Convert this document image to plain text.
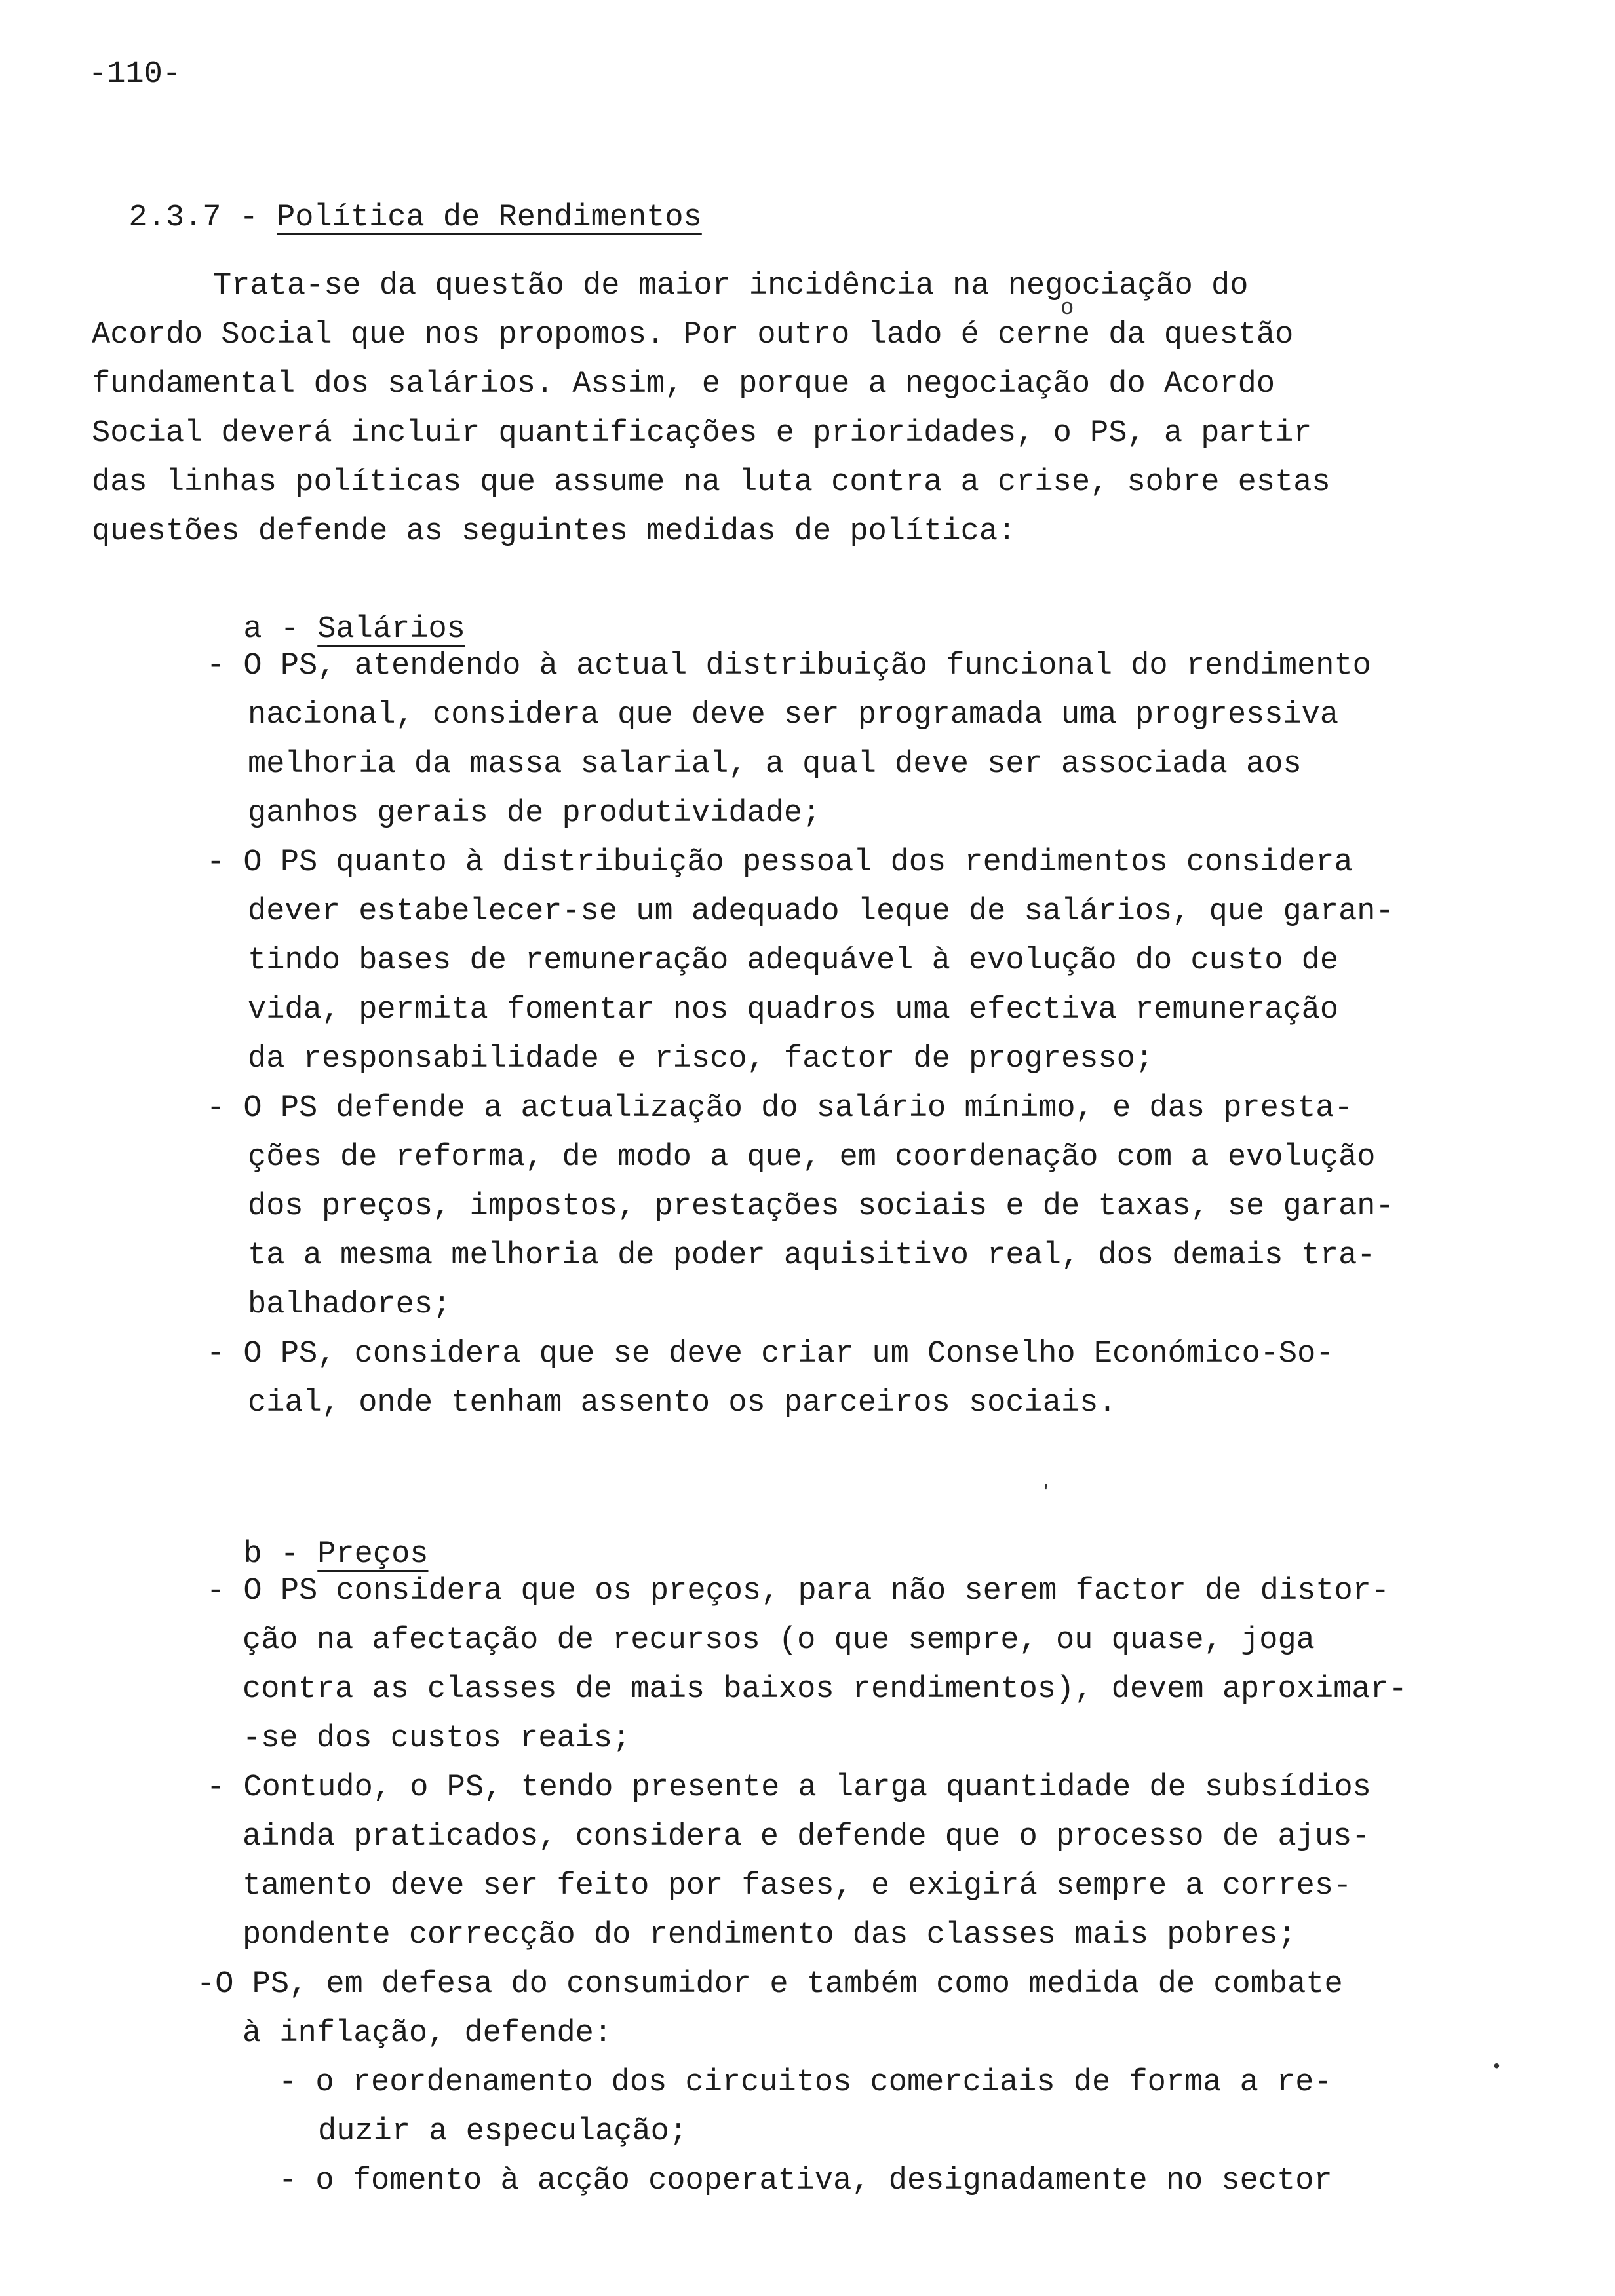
-110-

2.3.7 - Política de Rendimentos

Trata-se da questão de maior incidência na negociação do
Acordo Social que nos propomos. Por outro lado é cerne da questão
fundamental dos salários. Assim, e porque a negociação do Acordo
Social deverá incluir quantificações e prioridades, o PS, a partir
das linhas políticas que assume na luta contra a crise, sobre estas
questões defende as seguintes medidas de política:
o

a - Salários

- O PS, atendendo à actual distribuição funcional do rendimento
nacional, considera que deve ser programada uma progressiva
melhoria da massa salarial, a qual deve ser associada aos
ganhos gerais de produtividade;
- O PS quanto à distribuição pessoal dos rendimentos considera
dever estabelecer-se um adequado leque de salários, que garan-
tindo bases de remuneração adequável à evolução do custo de
vida, permita fomentar nos quadros uma efectiva remuneração
da responsabilidade e risco, factor de progresso;
- O PS defende a actualização do salário mínimo, e das presta-
ções de reforma, de modo a que, em coordenação com a evolução
dos preços, impostos, prestações sociais e de taxas, se garan-
ta a mesma melhoria de poder aquisitivo real, dos demais tra-
balhadores;
- O PS, considera que se deve criar um Conselho Económico-So-
cial, onde tenham assento os parceiros sociais.
'

b - Preços

- O PS considera que os preços, para não serem factor de distor-
ção na afectação de recursos (o que sempre, ou quase, joga
contra as classes de mais baixos rendimentos), devem aproximar-
-se dos custos reais;
- Contudo, o PS, tendo presente a larga quantidade de subsídios
ainda praticados, considera e defende que o processo de ajus-
tamento deve ser feito por fases, e exigirá sempre a corres-
pondente correcção do rendimento das classes mais pobres;
-O PS, em defesa do consumidor e também como medida de combate
à inflação, defende:
- o reordenamento dos circuitos comerciais de forma a re-
duzir a especulação;
- o fomento à acção cooperativa, designadamente no sector
•
